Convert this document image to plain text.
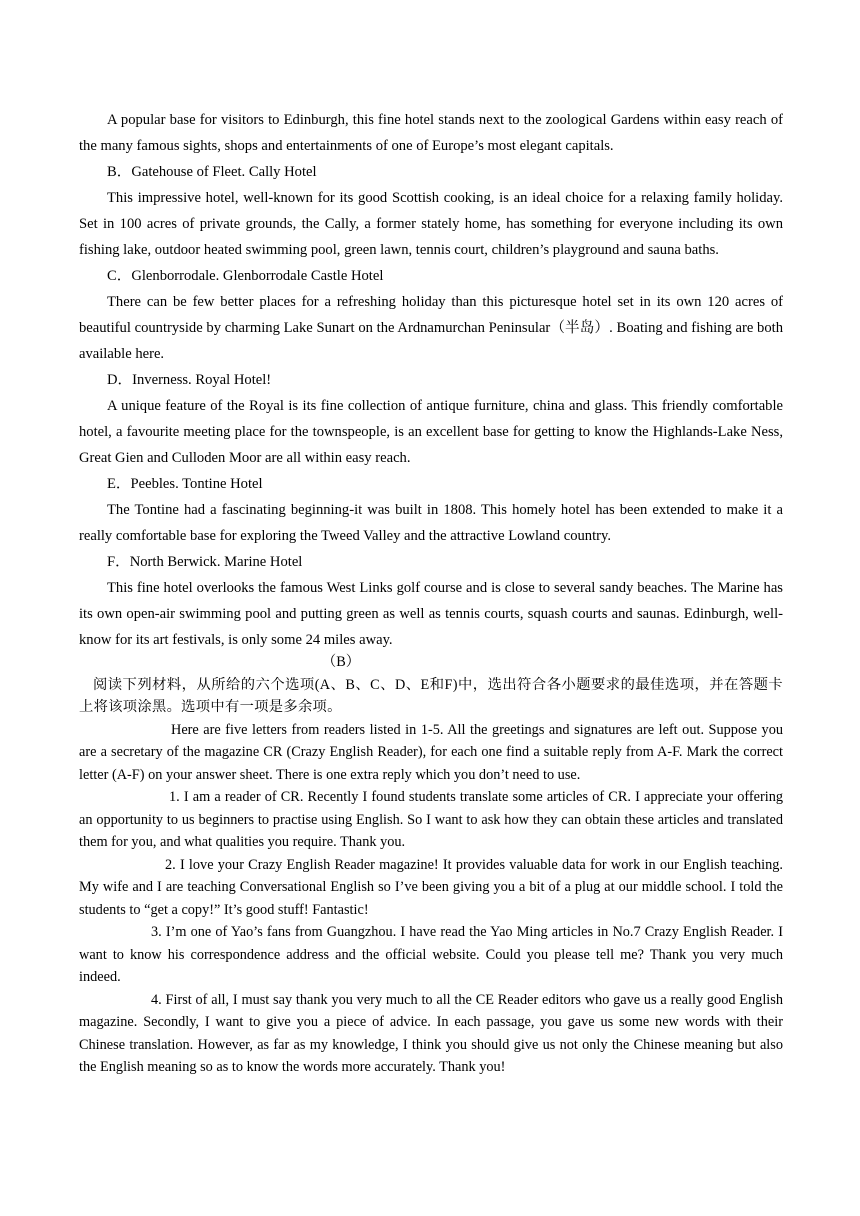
A popular base for visitors to Edinburgh, this fine hotel stands next to the zoological Gardens within easy reach of the many famous sights, shops and entertainments of one of Europe’s most elegant capitals.

B．Gatehouse of Fleet. Cally Hotel

This impressive hotel, well-known for its good Scottish cooking, is an ideal choice for a relaxing family holiday. Set in 100 acres of private grounds, the Cally, a former stately home, has something for everyone including its own fishing lake, outdoor heated swimming pool, green lawn, tennis court, children’s playground and sauna baths.

C．Glenborrodale. Glenborrodale Castle Hotel

There can be few better places for a refreshing holiday than this picturesque hotel set in its own 120 acres of beautiful countryside by charming Lake Sunart on the Ardnamurchan Peninsular（半岛）. Boating and fishing are both available here.

D．Inverness. Royal Hotel!

A unique feature of the Royal is its fine collection of antique furniture, china and glass. This friendly comfortable hotel, a favourite meeting place for the townspeople, is an excellent base for getting to know the Highlands-Lake Ness, Great Gien and Culloden Moor are all within easy reach.

E．Peebles. Tontine Hotel

The Tontine had a fascinating beginning-it was built in 1808. This homely hotel has been extended to make it a really comfortable base for exploring the Tweed Valley and the attractive Lowland country.

F．North Berwick. Marine Hotel

This fine hotel overlooks the famous West Links golf course and is close to several sandy beaches. The Marine has its own open-air swimming pool and putting green as well as tennis courts, squash courts and saunas. Edinburgh, well-know for its art festivals, is only some 24 miles away.

（B）

阅读下列材料，从所给的六个选项(A、B、C、D、E和F)中，选出符合各小题要求的最佳选项，并在答题卡上将该项涂黑。选项中有一项是多余项。

Here are five letters from readers listed in 1-5. All the greetings and signatures are left out. Suppose you are a secretary of the magazine CR (Crazy English Reader), for each one find a suitable reply from A-F. Mark the correct letter (A-F) on your answer sheet. There is one extra reply which you don’t need to use.

1. I am a reader of CR. Recently I found students translate some articles of CR. I appreciate your offering an opportunity to us beginners to practise using English. So I want to ask how they can obtain these articles and translated them for you, and what qualities you require. Thank you.

2. I love your Crazy English Reader magazine! It provides valuable data for work in our English teaching. My wife and I are teaching Conversational English so I’ve been giving you a bit of a plug at our middle school. I told the students to “get a copy!” It’s good stuff! Fantastic!

3. I’m one of Yao’s fans from Guangzhou. I have read the Yao Ming articles in No.7 Crazy English Reader. I want to know his correspondence address and the official website. Could you please tell me? Thank you very much indeed.

4. First of all, I must say thank you very much to all the CE Reader editors who gave us a really good English magazine. Secondly, I want to give you a piece of advice. In each passage, you gave us some new words with their Chinese translation. However, as far as my knowledge, I think you should give us not only the Chinese meaning but also the English meaning so as to know the words more accurately. Thank you!
